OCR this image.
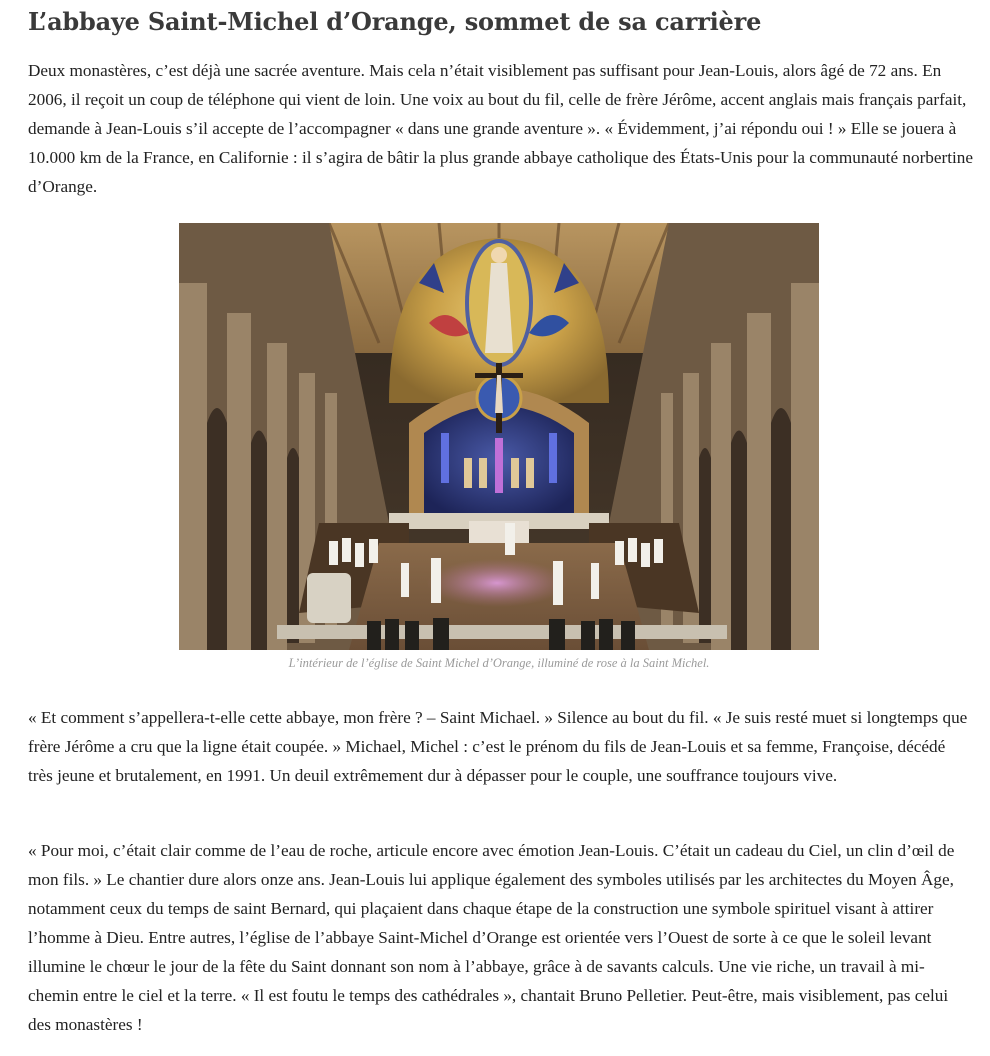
L’abbaye Saint-Michel d’Orange, sommet de sa carrière

Deux monastères, c’est déjà une sacrée aventure. Mais cela n’était visiblement pas suffisant pour Jean-Louis, alors âgé de 72 ans. En 2006, il reçoit un coup de téléphone qui vient de loin. Une voix au bout du fil, celle de frère Jérôme, accent anglais mais français parfait, demande à Jean-Louis s’il accepte de l’accompagner « dans une grande aventure ». « Évidemment, j’ai répondu oui ! » Elle se jouera à 10.000 km de la France, en Californie : il s’agira de bâtir la plus grande abbaye catholique des États-Unis pour la communauté norbertine d’Orange.

L’intérieur de l’église de Saint Michel d’Orange, illuminé de rose à la Saint Michel.

« Et comment s’appellera-t-elle cette abbaye, mon frère ? – Saint Michael. » Silence au bout du fil. « Je suis resté muet si longtemps que frère Jérôme a cru que la ligne était coupée. » Michael, Michel : c’est le prénom du fils de Jean-Louis et sa femme, Françoise, décédé très jeune et brutalement, en 1991. Un deuil extrêmement dur à dépasser pour le couple, une souffrance toujours vive.

« Pour moi, c’était clair comme de l’eau de roche, articule encore avec émotion Jean-Louis. C’était un cadeau du Ciel, un clin d’œil de mon fils. » Le chantier dure alors onze ans. Jean-Louis lui applique également des symboles utilisés par les architectes du Moyen Âge, notamment ceux du temps de saint Bernard, qui plaçaient dans chaque étape de la construction une symbole spirituel visant à attirer l’homme à Dieu. Entre autres, l’église de l’abbaye Saint-Michel d’Orange est orientée vers l’Ouest de sorte à ce que le soleil levant illumine le chœur le jour de la fête du Saint donnant son nom à l’abbaye, grâce à de savants calculs. Une vie riche, un travail à mi-chemin entre le ciel et la terre. « Il est foutu le temps des cathédrales », chantait Bruno Pelletier. Peut-être, mais visiblement, pas celui des monastères !
